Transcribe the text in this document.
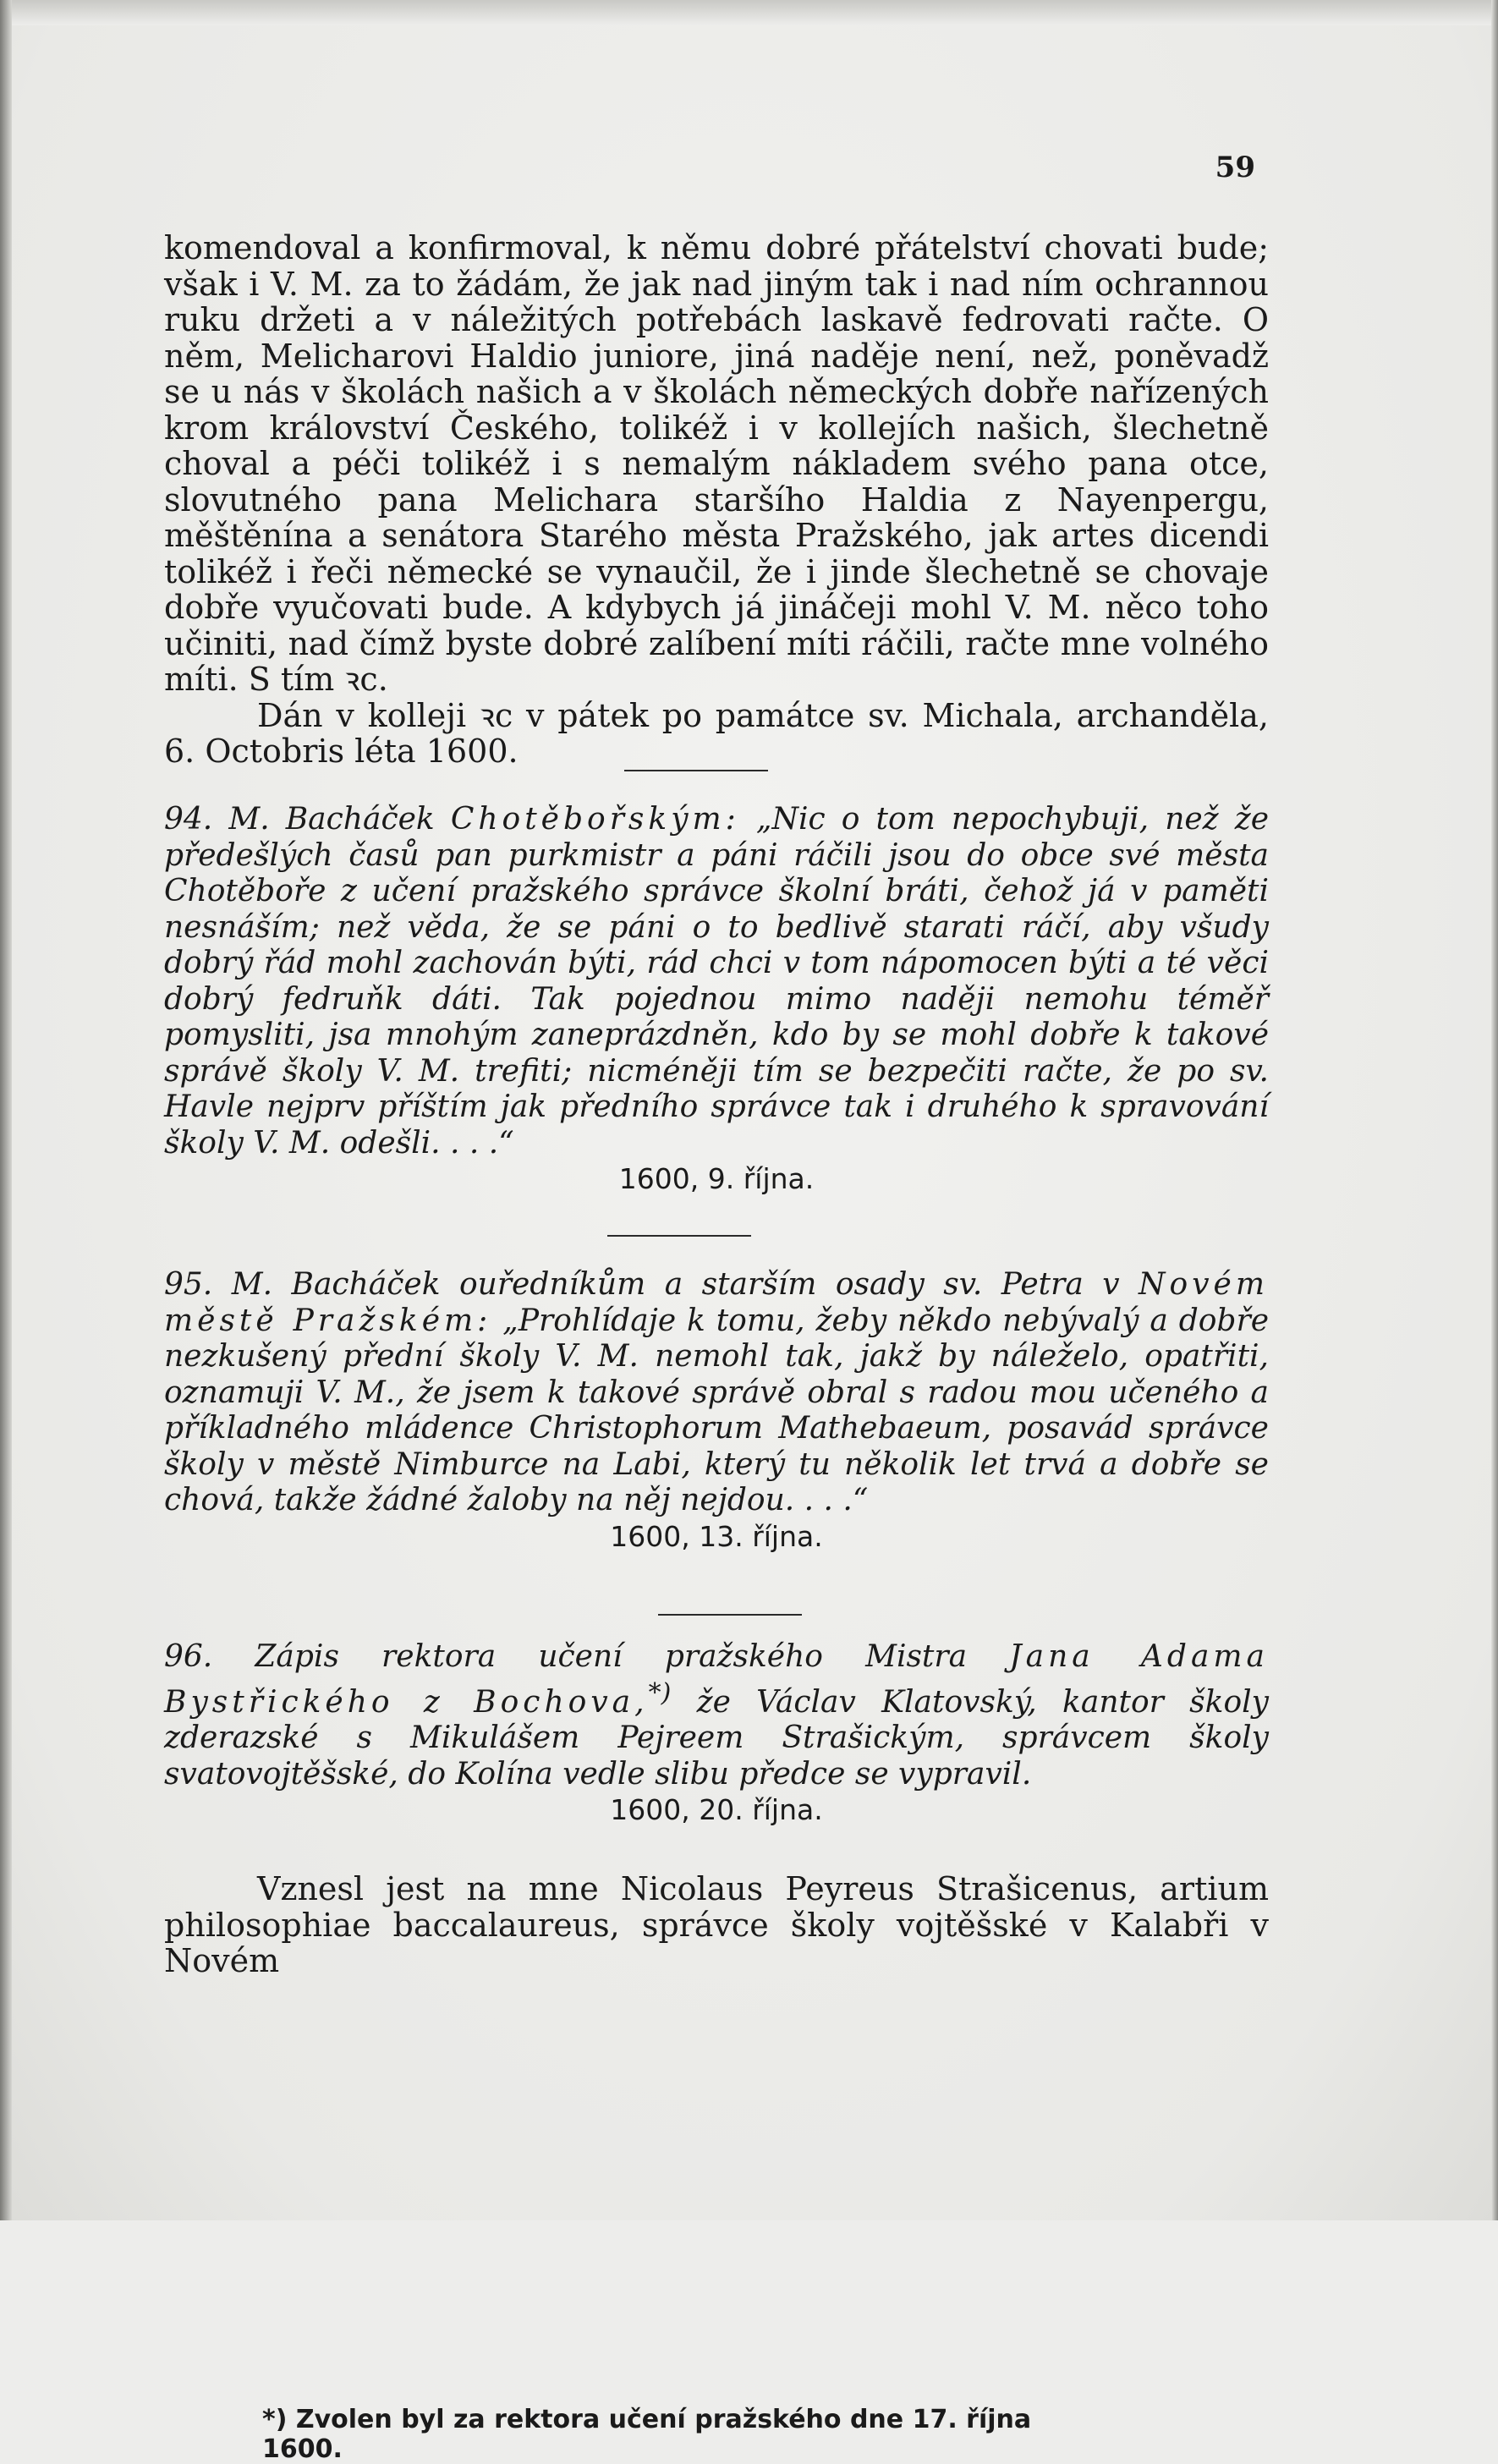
59

komendoval a konfirmoval, k němu dobré přátelství chovati bude; však i V. M. za to žádám, že jak nad jiným tak i nad ním ochrannou ruku držeti a v náležitých potřebách laskavě fedrovati račte. O něm, Melicharovi Haldio juniore, jiná naděje není, než, poněvadž se u nás v školách našich a v školách německých dobře nařízených krom království Českého, tolikéž i v kollejích našich, šlechetně choval a péči tolikéž i s nemalým nákladem svého pana otce, slovutného pana Melichara staršího Haldia z Nayenpergu, měštěnína a senátora Starého města Pražského, jak artes dicendi tolikéž i řeči německé se vynaučil, že i jinde šlechetně se chovaje dobře vyučovati bude. A kdybych já jináčeji mohl V. M. něco toho učiniti, nad čímž byste dobré zalíbení míti ráčili, račte mne volného míti. S tím ꝛc.

Dán v kolleji ꝛc v pátek po památce sv. Michala, archanděla, 6. Octobris léta 1600.

94. M. Bacháček Chotěbořským: „Nic o tom nepochybuji, než že předešlých časů pan purkmistr a páni ráčili jsou do obce své města Chotěboře z učení pražského správce školní bráti, čehož já v paměti nesnáším; než věda, že se páni o to bedlivě starati ráčí, aby všudy dobrý řád mohl zachován býti, rád chci v tom nápomocen býti a té věci dobrý fedruňk dáti. Tak pojednou mimo naději nemohu téměř pomysliti, jsa mnohým zaneprázdněn, kdo by se mohl dobře k takové správě školy V. M. trefiti; nicméněji tím se bezpečiti račte, že po sv. Havle nejprv příštím jak předního správce tak i druhého k spravování školy V. M. odešli. . . .“

1600, 9. října.

95. M. Bacháček ouředníkům a starším osady sv. Petra v Novém městě Pražském: „Prohlídaje k tomu, žeby někdo nebývalý a dobře nezkušený přední školy V. M. nemohl tak, jakž by náleželo, opatřiti, oznamuji V. M., že jsem k takové správě obral s radou mou učeného a příkladného mládence Christophorum Mathebaeum, posavád správce školy v městě Nimburce na Labi, který tu několik let trvá a dobře se chová, takže žádné žaloby na něj nejdou. . . .“

1600, 13. října.

96. Zápis rektora učení pražského Mistra Jana Adama Bystřického z Bochova,*) že Václav Klatovský, kantor školy zderazské s Mikulášem Pejreem Strašickým, správcem školy svatovojtěšské, do Kolína vedle slibu předce se vypravil.

1600, 20. října.

Vznesl jest na mne Nicolaus Peyreus Strašicenus, artium philosophiae baccalaureus, správce školy vojtěšské v Kalabři v Novém

*) Zvolen byl za rektora učení pražského dne 17. října 1600.
